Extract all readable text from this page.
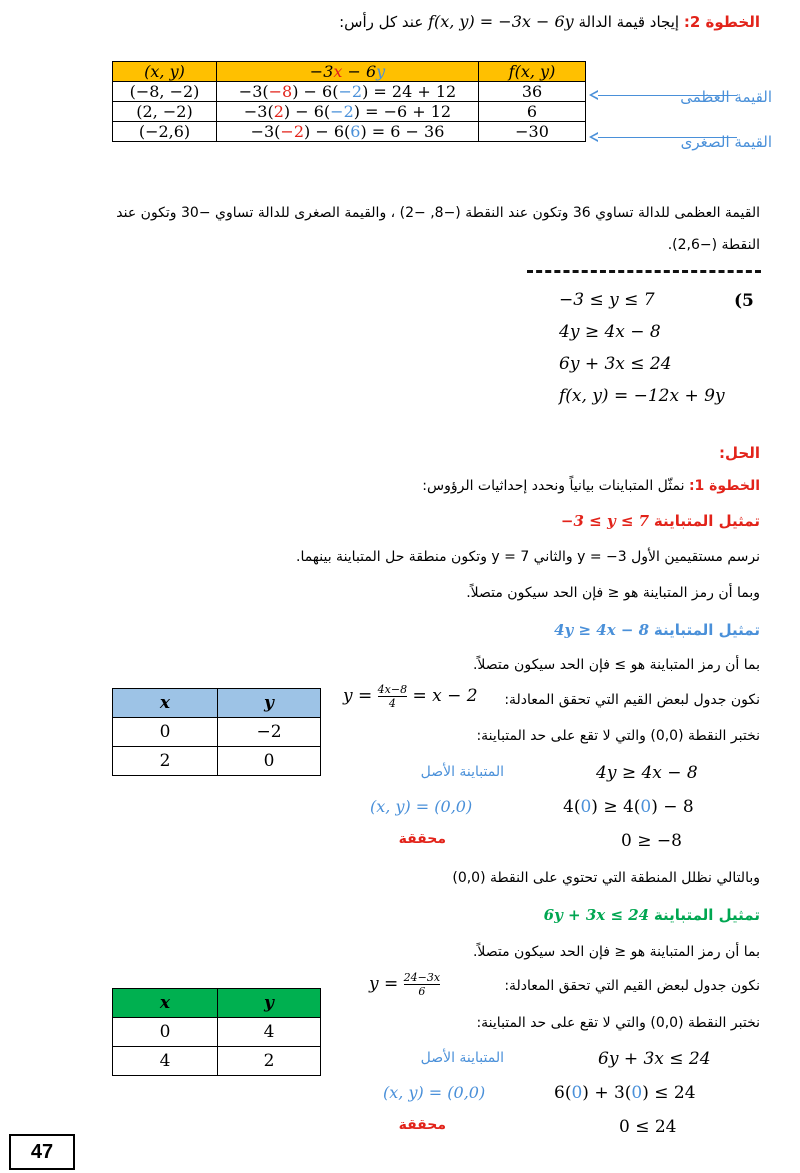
الخطوة 2: إيجاد قيمة الدالة f(x, y) = −3x − 6y عند كل رأس:
(x, y)	−3x − 6y	f(x, y)
(−8, −2)	−3(−8) − 6(−2) = 24 + 12	36
(2, −2)	−3(2) − 6(−2) = −6 + 12	6
(−2,6)	−3(−2) − 6(6) = 6 − 36	−30
القيمة العظمى
القيمة الصغرى
القيمة العظمى للدالة تساوي 36 وتكون عند النقطة (−8, −2) ، والقيمة الصغرى للدالة تساوي −30 وتكون عند
النقطة (−2,6).
(5
−3 ≤ y ≤ 7
4y ≥ 4x − 8
6y + 3x ≤ 24
f(x, y) = −12x + 9y
الحل:
الخطوة 1: نمثّل المتباينات بيانياً ونحدد إحداثيات الرؤوس:
تمثيل المتباينة −3 ≤ y ≤ 7
نرسم مستقيمين الأول y = −3 والثاني y = 7 وتكون منطقة حل المتباينة بينهما.
وبما أن رمز المتباينة هو ≤ فإن الحد سيكون متصلاً.
تمثيل المتباينة 4y ≥ 4x − 8
بما أن رمز المتباينة هو ≥ فإن الحد سيكون متصلاً.
نكون جدول لبعض القيم التي تحقق المعادلة:
$y = \frac{4x-8}{4} = x - 2$
نختبر النقطة (0,0) والتي لا تقع على حد المتباينة:
المتباينة الأصل
(x, y) = (0,0)
محققة
4y ≥ 4x − 8
4(0) ≥ 4(0) − 8
0 ≥ −8
وبالتالي نظلل المنطقة التي تحتوي على النقطة (0,0)
x	y
0	−2
2	0
تمثيل المتباينة 6y + 3x ≤ 24
بما أن رمز المتباينة هو ≤ فإن الحد سيكون متصلاً.
نكون جدول لبعض القيم التي تحقق المعادلة:
$y = \frac{24-3x}{6}$
نختبر النقطة (0,0) والتي لا تقع على حد المتباينة:
المتباينة الأصل
(x, y) = (0,0)
محققة
6y + 3x ≤ 24
6(0) + 3(0) ≤ 24
0 ≤ 24
x	y
0	4
4	2
47
